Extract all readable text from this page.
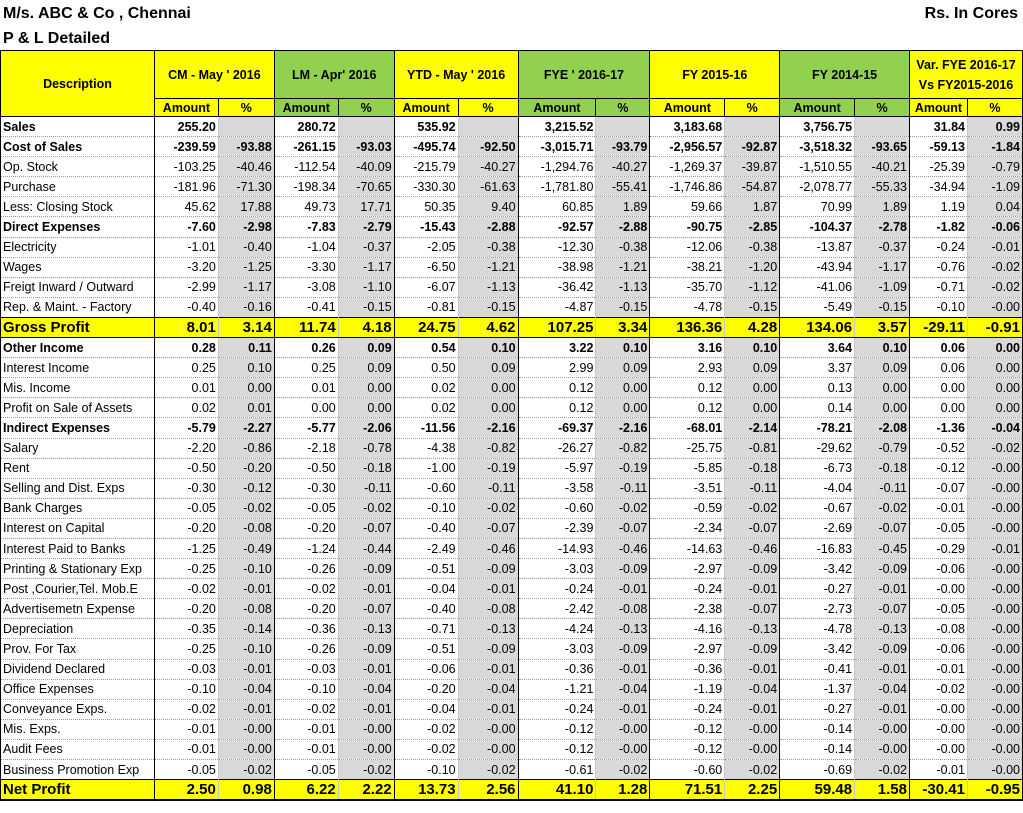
M/s. ABC & Co , Chennai
P & L Detailed
Rs. In Cores
Description	CM - May ' 2016		LM - Apr' 2016		YTD - May ' 2016		FYE ' 2016-17		FY 2015-16		FY 2014-15		Var. FYE 2016-17 Vs FY2015-2016	
	Amount	%	Amount	%	Amount	%	Amount	%	Amount	%	Amount	%	Amount	%
Sales	255.20		280.72		535.92		3,215.52		3,183.68		3,756.75		31.84	0.99
Cost of Sales	-239.59	-93.88	-261.15	-93.03	-495.74	-92.50	-3,015.71	-93.79	-2,956.57	-92.87	-3,518.32	-93.65	-59.13	-1.84
Op. Stock	-103.25	-40.46	-112.54	-40.09	-215.79	-40.27	-1,294.76	-40.27	-1,269.37	-39.87	-1,510.55	-40.21	-25.39	-0.79
Purchase	-181.96	-71.30	-198.34	-70.65	-330.30	-61.63	-1,781.80	-55.41	-1,746.86	-54.87	-2,078.77	-55.33	-34.94	-1.09
Less: Closing Stock	45.62	17.88	49.73	17.71	50.35	9.40	60.85	1.89	59.66	1.87	70.99	1.89	1.19	0.04
Direct Expenses	-7.60	-2.98	-7.83	-2.79	-15.43	-2.88	-92.57	-2.88	-90.75	-2.85	-104.37	-2.78	-1.82	-0.06
Electricity	-1.01	-0.40	-1.04	-0.37	-2.05	-0.38	-12.30	-0.38	-12.06	-0.38	-13.87	-0.37	-0.24	-0.01
Wages	-3.20	-1.25	-3.30	-1.17	-6.50	-1.21	-38.98	-1.21	-38.21	-1.20	-43.94	-1.17	-0.76	-0.02
Freigt Inward / Outward	-2.99	-1.17	-3.08	-1.10	-6.07	-1.13	-36.42	-1.13	-35.70	-1.12	-41.06	-1.09	-0.71	-0.02
Rep. & Maint. - Factory	-0.40	-0.16	-0.41	-0.15	-0.81	-0.15	-4.87	-0.15	-4.78	-0.15	-5.49	-0.15	-0.10	-0.00
Gross Profit	8.01	3.14	11.74	4.18	24.75	4.62	107.25	3.34	136.36	4.28	134.06	3.57	-29.11	-0.91
Other Income	0.28	0.11	0.26	0.09	0.54	0.10	3.22	0.10	3.16	0.10	3.64	0.10	0.06	0.00
Interest Income	0.25	0.10	0.25	0.09	0.50	0.09	2.99	0.09	2.93	0.09	3.37	0.09	0.06	0.00
Mis. Income	0.01	0.00	0.01	0.00	0.02	0.00	0.12	0.00	0.12	0.00	0.13	0.00	0.00	0.00
Profit on Sale of Assets	0.02	0.01	0.00	0.00	0.02	0.00	0.12	0.00	0.12	0.00	0.14	0.00	0.00	0.00
Indirect Expenses	-5.79	-2.27	-5.77	-2.06	-11.56	-2.16	-69.37	-2.16	-68.01	-2.14	-78.21	-2.08	-1.36	-0.04
Salary	-2.20	-0.86	-2.18	-0.78	-4.38	-0.82	-26.27	-0.82	-25.75	-0.81	-29.62	-0.79	-0.52	-0.02
Rent	-0.50	-0.20	-0.50	-0.18	-1.00	-0.19	-5.97	-0.19	-5.85	-0.18	-6.73	-0.18	-0.12	-0.00
Selling and Dist. Exps	-0.30	-0.12	-0.30	-0.11	-0.60	-0.11	-3.58	-0.11	-3.51	-0.11	-4.04	-0.11	-0.07	-0.00
Bank Charges	-0.05	-0.02	-0.05	-0.02	-0.10	-0.02	-0.60	-0.02	-0.59	-0.02	-0.67	-0.02	-0.01	-0.00
Interest on Capital	-0.20	-0.08	-0.20	-0.07	-0.40	-0.07	-2.39	-0.07	-2.34	-0.07	-2.69	-0.07	-0.05	-0.00
Interest Paid to Banks	-1.25	-0.49	-1.24	-0.44	-2.49	-0.46	-14.93	-0.46	-14.63	-0.46	-16.83	-0.45	-0.29	-0.01
Printing & Stationary Exp	-0.25	-0.10	-0.26	-0.09	-0.51	-0.09	-3.03	-0.09	-2.97	-0.09	-3.42	-0.09	-0.06	-0.00
Post ,Courier,Tel. Mob.E	-0.02	-0.01	-0.02	-0.01	-0.04	-0.01	-0.24	-0.01	-0.24	-0.01	-0.27	-0.01	-0.00	-0.00
Advertisemetn Expense	-0.20	-0.08	-0.20	-0.07	-0.40	-0.08	-2.42	-0.08	-2.38	-0.07	-2.73	-0.07	-0.05	-0.00
Depreciation	-0.35	-0.14	-0.36	-0.13	-0.71	-0.13	-4.24	-0.13	-4.16	-0.13	-4.78	-0.13	-0.08	-0.00
Prov. For Tax	-0.25	-0.10	-0.26	-0.09	-0.51	-0.09	-3.03	-0.09	-2.97	-0.09	-3.42	-0.09	-0.06	-0.00
Dividend Declared	-0.03	-0.01	-0.03	-0.01	-0.06	-0.01	-0.36	-0.01	-0.36	-0.01	-0.41	-0.01	-0.01	-0.00
Office Expenses	-0.10	-0.04	-0.10	-0.04	-0.20	-0.04	-1.21	-0.04	-1.19	-0.04	-1.37	-0.04	-0.02	-0.00
Conveyance Exps.	-0.02	-0.01	-0.02	-0.01	-0.04	-0.01	-0.24	-0.01	-0.24	-0.01	-0.27	-0.01	-0.00	-0.00
Mis. Exps.	-0.01	-0.00	-0.01	-0.00	-0.02	-0.00	-0.12	-0.00	-0.12	-0.00	-0.14	-0.00	-0.00	-0.00
Audit Fees	-0.01	-0.00	-0.01	-0.00	-0.02	-0.00	-0.12	-0.00	-0.12	-0.00	-0.14	-0.00	-0.00	-0.00
Business Promotion Exp	-0.05	-0.02	-0.05	-0.02	-0.10	-0.02	-0.61	-0.02	-0.60	-0.02	-0.69	-0.02	-0.01	-0.00
Net Profit	2.50	0.98	6.22	2.22	13.73	2.56	41.10	1.28	71.51	2.25	59.48	1.58	-30.41	-0.95
